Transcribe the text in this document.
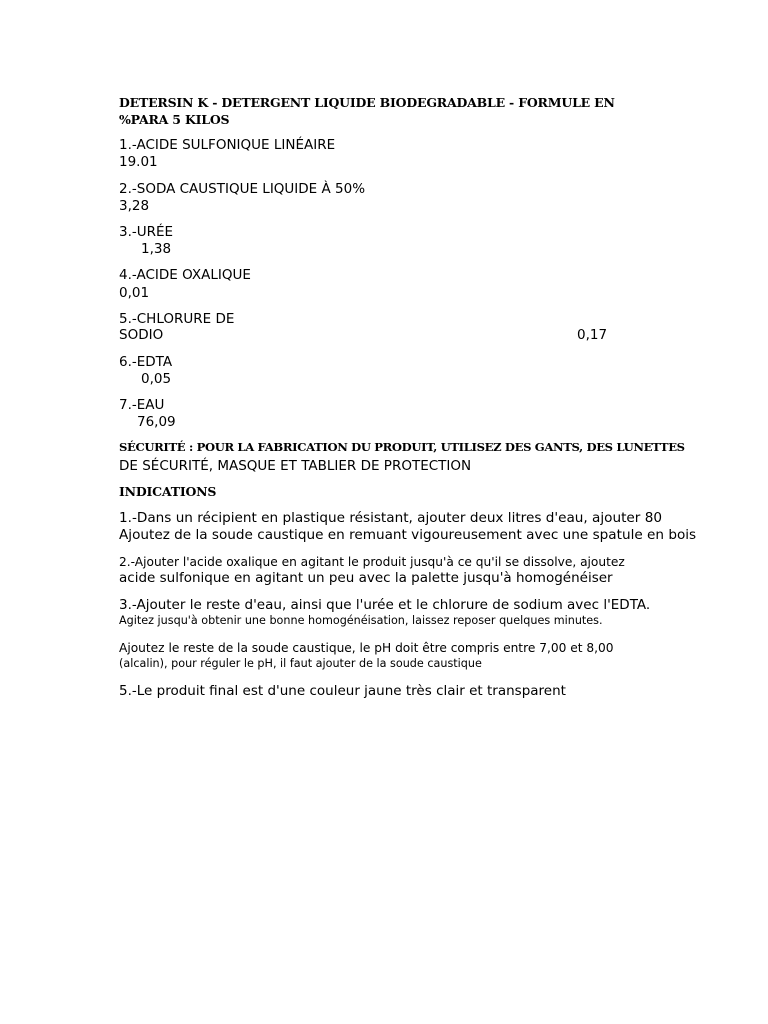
DETERSIN K - DETERGENT LIQUIDE BIODEGRADABLE - FORMULE EN
%PARA 5 KILOS
1.-ACIDE SULFONIQUE LINÉAIRE
19.01
2.-SODA CAUSTIQUE LIQUIDE À 50%
3,28
3.-URÉE
1,38
4.-ACIDE OXALIQUE
0,01
5.-CHLORURE DE
SODIO	0,17
6.-EDTA
0,05
7.-EAU
76,09
SÉCURITÉ : POUR LA FABRICATION DU PRODUIT, UTILISEZ DES GANTS, DES LUNETTES
DE SÉCURITÉ, MASQUE ET TABLIER DE PROTECTION
INDICATIONS
1.-Dans un récipient en plastique résistant, ajouter deux litres d'eau, ajouter 80
Ajoutez de la soude caustique en remuant vigoureusement avec une spatule en bois
2.-Ajouter l'acide oxalique en agitant le produit jusqu'à ce qu'il se dissolve, ajoutez
acide sulfonique en agitant un peu avec la palette jusqu'à homogénéiser
3.-Ajouter le reste d'eau, ainsi que l'urée et le chlorure de sodium avec l'EDTA.
Agitez jusqu'à obtenir une bonne homogénéisation, laissez reposer quelques minutes.
Ajoutez le reste de la soude caustique, le pH doit être compris entre 7,00 et 8,00
(alcalin), pour réguler le pH, il faut ajouter de la soude caustique
5.-Le produit final est d'une couleur jaune très clair et transparent
